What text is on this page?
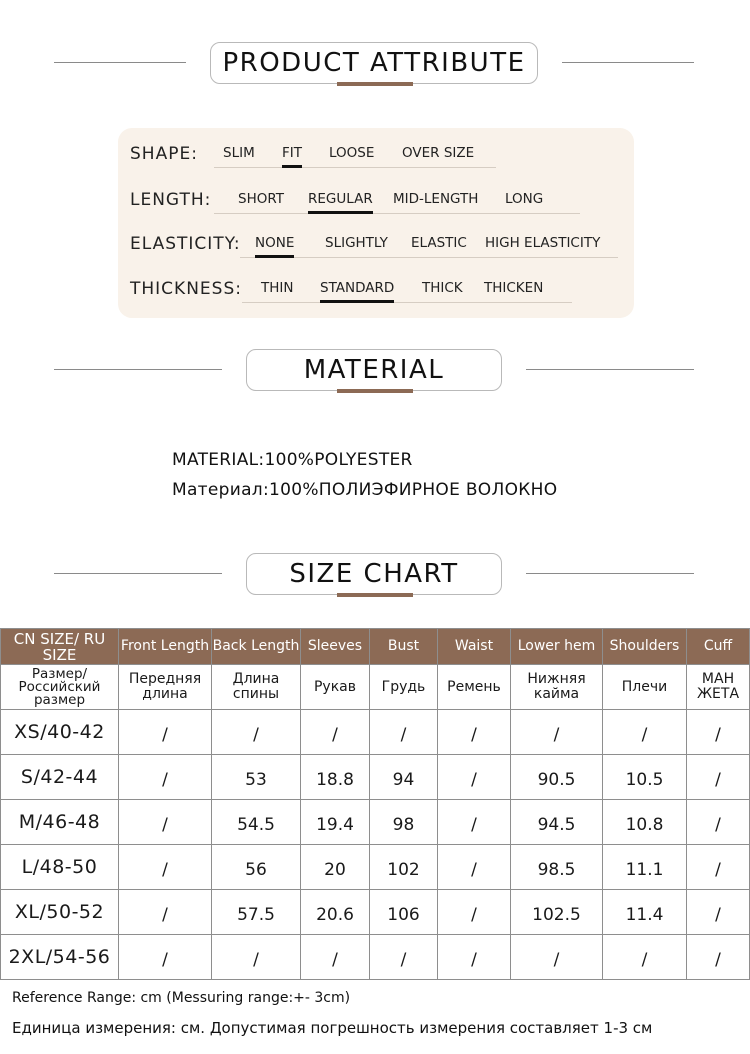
PRODUCT ATTRIBUTE
SHAPE: SLIM FIT LOOSE OVER SIZE
LENGTH: SHORT REGULAR MID-LENGTH LONG
ELASTICITY: NONE SLIGHTLY ELASTIC HIGH ELASTICITY
THICKNESS: THIN STANDARD THICK THICKEN
MATERIAL
MATERIAL:100%POLYESTER
Материал:100%ПОЛИЭФИРНОЕ ВОЛОКНО
SIZE CHART
CN SIZE/ RU SIZE	Front Length	Back Length	Sleeves	Bust	Waist	Lower hem	Shoulders	Cuff
Размер/ Российский размер	Передняя длина	Длина спины	Рукав	Грудь	Ремень	Нижняя кайма	Плечи	МАН ЖЕТА
XS/40-42	/	/	/	/	/	/	/	/
S/42-44	/	53	18.8	94	/	90.5	10.5	/
M/46-48	/	54.5	19.4	98	/	94.5	10.8	/
L/48-50	/	56	20	102	/	98.5	11.1	/
XL/50-52	/	57.5	20.6	106	/	102.5	11.4	/
2XL/54-56	/	/	/	/	/	/	/	/
Reference Range: cm (Messuring range:+- 3cm)
Единица измерения: см. Допустимая погрешность измерения составляет 1-3 см
